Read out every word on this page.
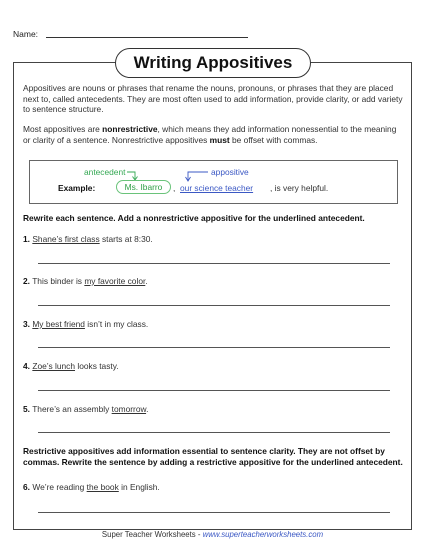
Name:
Writing Appositives
Appositives are nouns or phrases that rename the nouns, pronouns, or phrases that they are placed next to, called antecedents. They are most often used to add information, provide clarity, or add variety to sentence structure.
Most appositives are nonrestrictive, which means they add information nonessential to the meaning or clarity of a sentence. Nonrestrictive appositives must be offset with commas.
antecedent	appositive
Example:	Ms. Ibarro	, our science teacher , is very helpful.
Rewrite each sentence. Add a nonrestrictive appositive for the underlined antecedent.
1. Shane’s first class starts at 8:30.
2. This binder is my favorite color.
3. My best friend isn’t in my class.
4. Zoe’s lunch looks tasty.
5. There’s an assembly tomorrow.
Restrictive appositives add information essential to sentence clarity. They are not offset by commas. Rewrite the sentence by adding a restrictive appositive for the underlined antecedent.
6. We’re reading the book in English.
Super Teacher Worksheets - www.superteacherworksheets.com
